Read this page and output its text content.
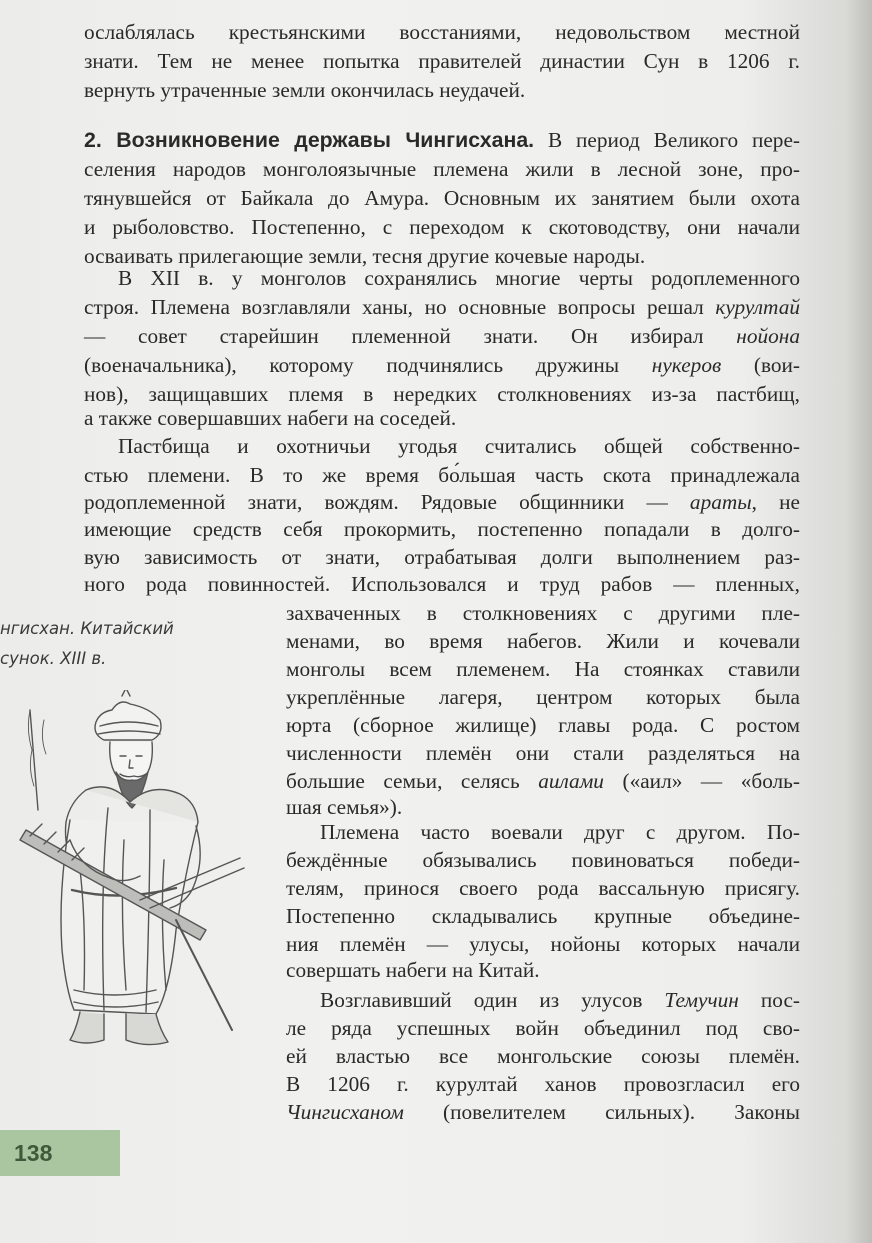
ослаблялась крестьянскими восстаниями, недовольством местной
знати. Тем не менее попытка правителей династии Сун в 1206 г.
вернуть утраченные земли окончилась неудачей.
2. Возникновение державы Чингисхана. В период Великого пере-
селения народов монголоязычные племена жили в лесной зоне, про-
тянувшейся от Байкала до Амура. Основным их занятием были охота
и рыболовство. Постепенно, с переходом к скотоводству, они начали
осваивать прилегающие земли, тесня другие кочевые народы.
В XII в. у монголов сохранялись многие черты родоплеменного
строя. Племена возглавляли ханы, но основные вопросы решал курултай
— совет старейшин племенной знати. Он избирал нойона
(военачальника), которому подчинялись дружины нукеров (вои-
нов), защищавших племя в нередких столкновениях из-за пастбищ,
а также совершавших набеги на соседей.
Пастбища и охотничьи угодья считались общей собственно-
стью племени. В то же время бо́льшая часть скота принадлежала
родоплеменной знати, вождям. Рядовые общинники — араты, не
имеющие средств себя прокормить, постепенно попадали в долго-
вую зависимость от знати, отрабатывая долги выполнением раз-
ного рода повинностей. Использовался и труд рабов — пленных,
захваченных в столкновениях с другими пле-
менами, во время набегов. Жили и кочевали
монголы всем племенем. На стоянках ставили
укреплённые лагеря, центром которых была
юрта (сборное жилище) главы рода. С ростом
численности племён они стали разделяться на
большие семьи, селясь аилами («аил» — «боль-
шая семья»).
Племена часто воевали друг с другом. По-
беждённые обязывались повиноваться победи-
телям, принося своего рода вассальную присягу.
Постепенно складывались крупные объедине-
ния племён — улусы, нойоны которых начали
совершать набеги на Китай.
Возглавивший один из улусов Темучин пос-
ле ряда успешных войн объединил под сво-
ей властью все монгольские союзы племён.
В 1206 г. курултай ханов провозгласил его
Чингисханом (повелителем сильных). Законы
нгисхан. Китайский
сунок. XIII в.
138
